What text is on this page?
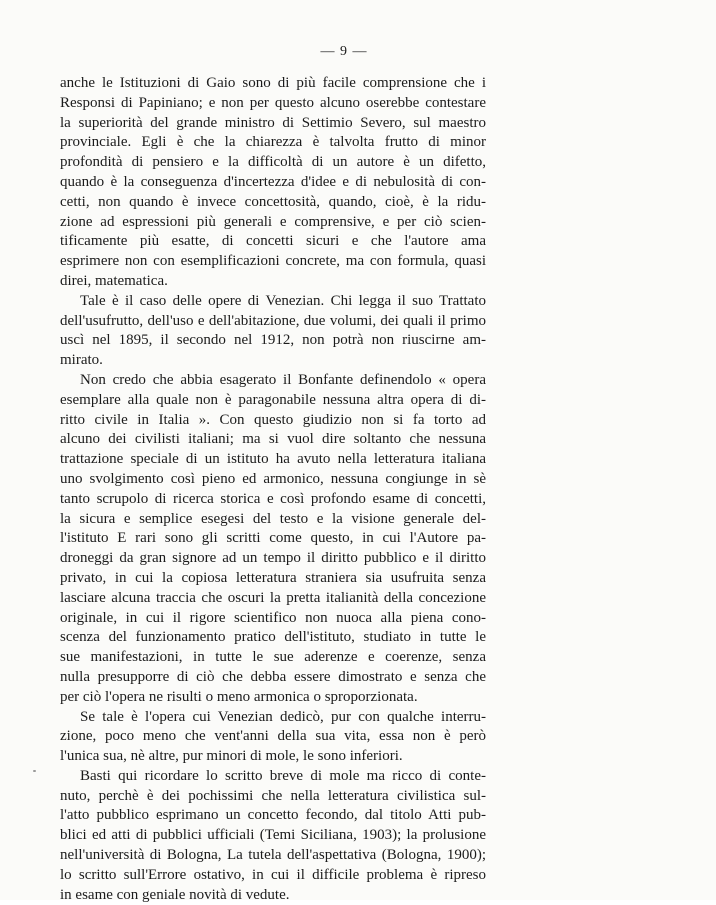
— 9 —
anche le Istituzioni di Gaio sono di più facile comprensione che i
Responsi di Papiniano; e non per questo alcuno oserebbe contestare
la superiorità del grande ministro di Settimio Severo, sul maestro
provinciale. Egli è che la chiarezza è talvolta frutto di minor
profondità di pensiero e la difficoltà di un autore è un difetto,
quando è la conseguenza d'incertezza d'idee e di nebulosità di con-
cetti, non quando è invece concettosità, quando, cioè, è la ridu-
zione ad espressioni più generali e comprensive, e per ciò scien-
tificamente più esatte, di concetti sicuri e che l'autore ama
esprimere non con esemplificazioni concrete, ma con formula, quasi
direi, matematica.
Tale è il caso delle opere di Venezian. Chi legga il suo Trattato
dell'usufrutto, dell'uso e dell'abitazione, due volumi, dei quali il primo
uscì nel 1895, il secondo nel 1912, non potrà non riuscirne am-
mirato.
Non credo che abbia esagerato il Bonfante definendolo « opera
esemplare alla quale non è paragonabile nessuna altra opera di di-
ritto civile in Italia ». Con questo giudizio non si fa torto ad
alcuno dei civilisti italiani; ma si vuol dire soltanto che nessuna
trattazione speciale di un istituto ha avuto nella letteratura italiana
uno svolgimento così pieno ed armonico, nessuna congiunge in sè
tanto scrupolo di ricerca storica e così profondo esame di concetti,
la sicura e semplice esegesi del testo e la visione generale del-
l'istituto E rari sono gli scritti come questo, in cui l'Autore pa-
droneggi da gran signore ad un tempo il diritto pubblico e il diritto
privato, in cui la copiosa letteratura straniera sia usufruita senza
lasciare alcuna traccia che oscuri la pretta italianità della concezione
originale, in cui il rigore scientifico non nuoca alla piena cono-
scenza del funzionamento pratico dell'istituto, studiato in tutte le
sue manifestazioni, in tutte le sue aderenze e coerenze, senza
nulla presupporre di ciò che debba essere dimostrato e senza che
per ciò l'opera ne risulti o meno armonica o sproporzionata.
Se tale è l'opera cui Venezian dedicò, pur con qualche interru-
zione, poco meno che vent'anni della sua vita, essa non è però
l'unica sua, nè altre, pur minori di mole, le sono inferiori.
Basti qui ricordare lo scritto breve di mole ma ricco di conte-
nuto, perchè è dei pochissimi che nella letteratura civilistica sul-
l'atto pubblico esprimano un concetto fecondo, dal titolo Atti pub-
blici ed atti di pubblici ufficiali (Temi Siciliana, 1903); la prolusione
nell'università di Bologna, La tutela dell'aspettativa (Bologna, 1900);
lo scritto sull'Errore ostativo, in cui il difficile problema è ripreso
in esame con geniale novità di vedute.
